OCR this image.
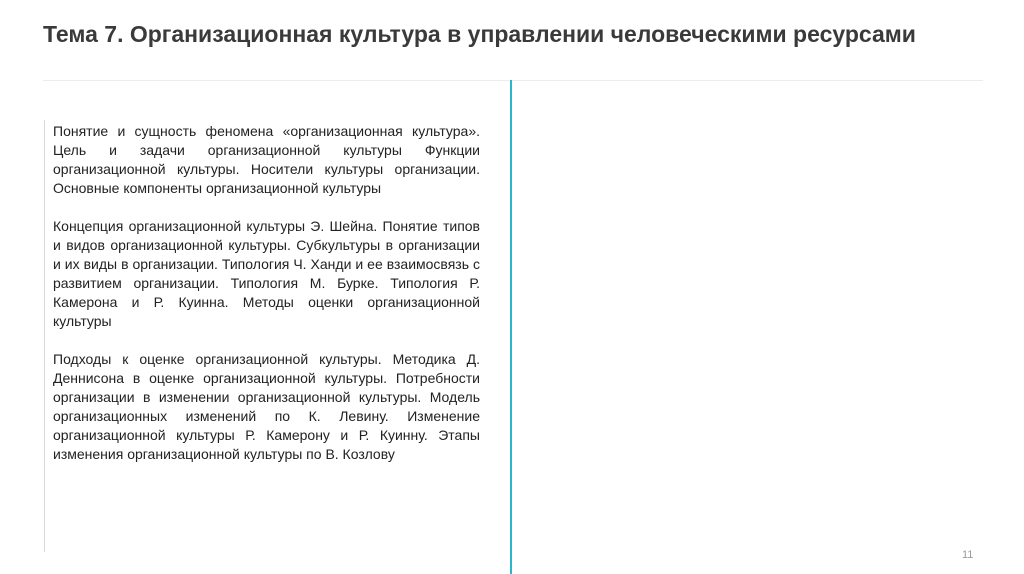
Тема 7. Организационная культура в управлении человеческими ресурсами

Понятие и сущность феномена «организационная культура». Цель и задачи организационной культуры Функции организационной культуры. Носители культуры организации. Основные компоненты организационной культуры

Концепция организационной культуры Э. Шейна. Понятие типов и видов организационной культуры. Субкультуры в организации и их виды в организации. Типология Ч. Ханди и ее взаимосвязь с развитием организации. Типология М. Бурке. Типология Р. Камерона и Р. Куинна. Методы оценки организационной культуры

Подходы к оценке организационной культуры. Методика Д. Деннисона в оценке организационной культуры. Потребности организации в изменении организационной культуры. Модель организационных изменений по К. Левину. Изменение организационной культуры Р. Камерону и Р. Куинну. Этапы изменения организационной культуры по В. Козлову

11
